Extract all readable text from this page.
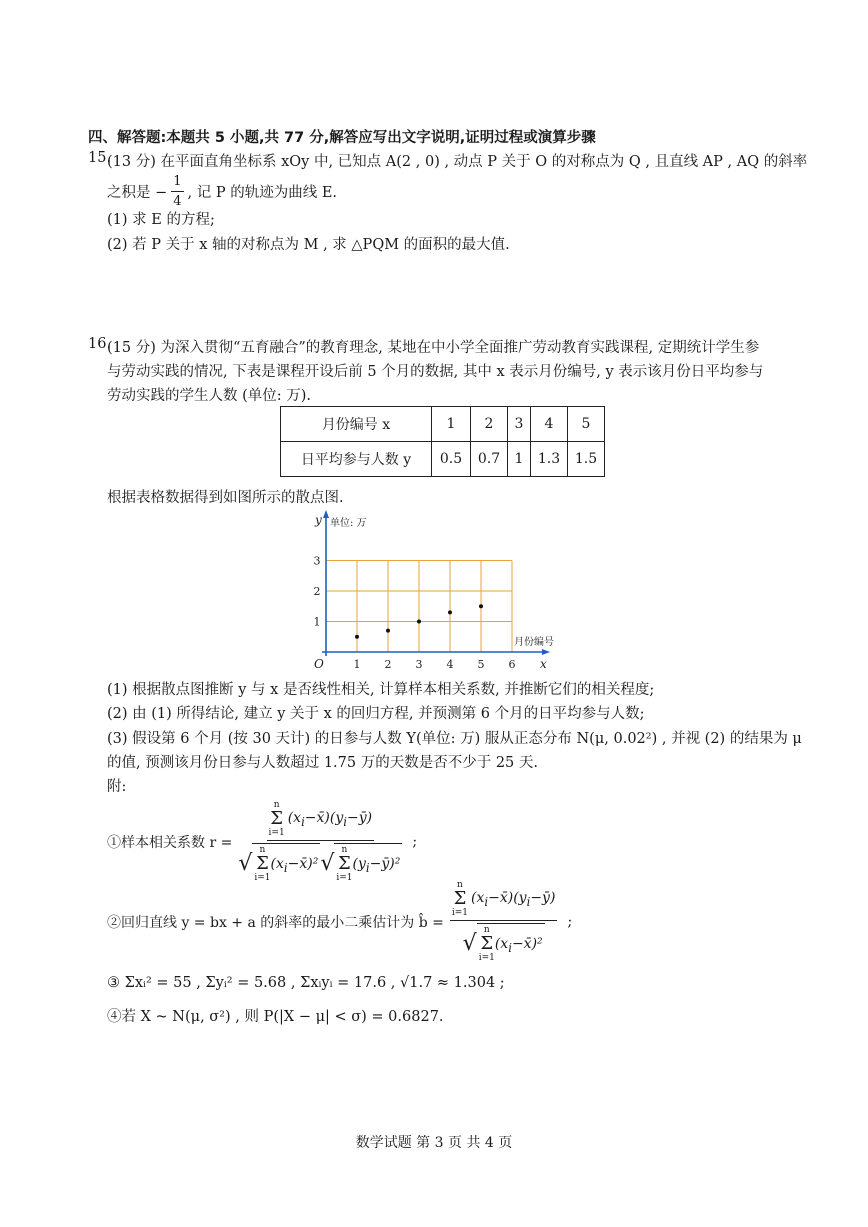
四、解答题:本题共 5 小题,共 77 分,解答应写出文字说明,证明过程或演算步骤
15.
(13 分) 在平面直角坐标系 xOy 中, 已知点 A(2 , 0) , 动点 P 关于 O 的对称点为 Q , 且直线 AP , AQ 的斜率
之积是 − $\frac{1}{4}$ , 记 P 的轨迹为曲线 E.
(1) 求 E 的方程;
(2) 若 P 关于 x 轴的对称点为 M , 求 △PQM 的面积的最大值.
16.
(15 分) 为深入贯彻“五育融合”的教育理念, 某地在中小学全面推广劳动教育实践课程, 定期统计学生参
与劳动实践的情况, 下表是课程开设后前 5 个月的数据, 其中 x 表示月份编号, y 表示该月份日平均参与
劳动实践的学生人数 (单位: 万).
月份编号 x	1	2	3	4	5
日平均参与人数 y	0.5	0.7	1	1.3	1.5
根据表格数据得到如图所示的散点图.
1 2 3 4 5 6
1
2
3
O
y 单位: 万
月份编号
x
(1) 根据散点图推断 y 与 x 是否线性相关, 计算样本相关系数, 并推断它们的相关程度;
(2) 由 (1) 所得结论, 建立 y 关于 x 的回归方程, 并预测第 6 个月的日平均参与人数;
(3) 假设第 6 个月 (按 30 天计) 的日参与人数 Y(单位: 万) 服从正态分布 N(μ, 0.02²) , 并视 (2) 的结果为 μ
的值, 预测该月份日参与人数超过 1.75 万的天数是否不少于 25 天.
附:
①样本相关系数 r = n
Σ
i=1
$(x_i-x̄)(y_i-ȳ)$
√
n
Σ
i=1
$(x_i-x̄)^2$ √
n
Σ
i=1
$(y_i-ȳ)^2$ ;
②回归直线 y = bx + a 的斜率的最小二乘估计为 b̂ = n
Σ
i=1
$(x_i-x̄)(y_i-ȳ)$
√
n
Σ
i=1
$(x_i-x̄)^2$ ;
③ Σxᵢ² = 55 , Σyᵢ² = 5.68 , Σxᵢyᵢ = 17.6 , √1.7 ≈ 1.304 ;
④若 X ~ N(μ, σ²) , 则 P(|X − μ| < σ) = 0.6827.
数学试题 第 3 页 共 4 页
